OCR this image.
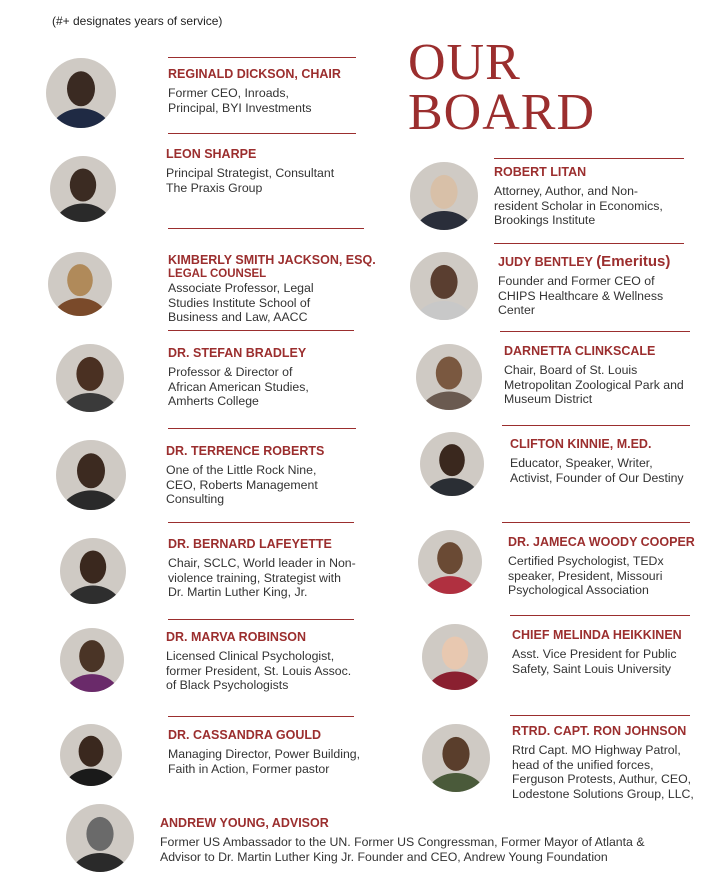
(#+ designates years of service)
OUR
BOARD
REGINALD DICKSON, CHAIR
Former CEO, Inroads,
Principal, BYI Investments
LEON SHARPE
Principal Strategist, Consultant
The Praxis Group
KIMBERLY SMITH JACKSON, ESQ.
LEGAL COUNSEL
Associate Professor, Legal
Studies Institute School of
Business and Law, AACC
DR. STEFAN BRADLEY
Professor & Director of
African American Studies,
Amherts College
DR. TERRENCE ROBERTS
One of the Little Rock Nine,
CEO, Roberts Management
Consulting
DR. BERNARD LAFEYETTE
Chair, SCLC, World leader in Non-
violence training, Strategist with
Dr. Martin Luther King, Jr.
DR. MARVA ROBINSON
Licensed Clinical Psychologist,
former President, St. Louis Assoc.
of Black Psychologists
DR. CASSANDRA GOULD
Managing Director, Power Building,
Faith in Action, Former pastor
ROBERT LITAN
Attorney, Author, and Non-
resident Scholar in Economics,
Brookings Institute
JUDY BENTLEY (Emeritus)
Founder and Former CEO of
CHIPS Healthcare & Wellness
Center
DARNETTA CLINKSCALE
Chair, Board of St. Louis
Metropolitan Zoological Park and
Museum District
CLIFTON KINNIE, M.ED.
Educator, Speaker, Writer,
Activist, Founder of Our Destiny
DR. JAMECA WOODY COOPER
Certified Psychologist, TEDx
speaker, President, Missouri
Psychological Association
CHIEF MELINDA HEIKKINEN
Asst. Vice President for Public
Safety, Saint Louis University
RTRD. CAPT. RON JOHNSON
Rtrd Capt. MO Highway Patrol,
head of the unified forces,
Ferguson Protests, Authur, CEO,
Lodestone Solutions Group, LLC,
ANDREW YOUNG, ADVISOR
Former US Ambassador to the UN. Former US Congressman, Former Mayor of Atlanta &
Advisor to Dr. Martin Luther King Jr. Founder and CEO, Andrew Young Foundation
